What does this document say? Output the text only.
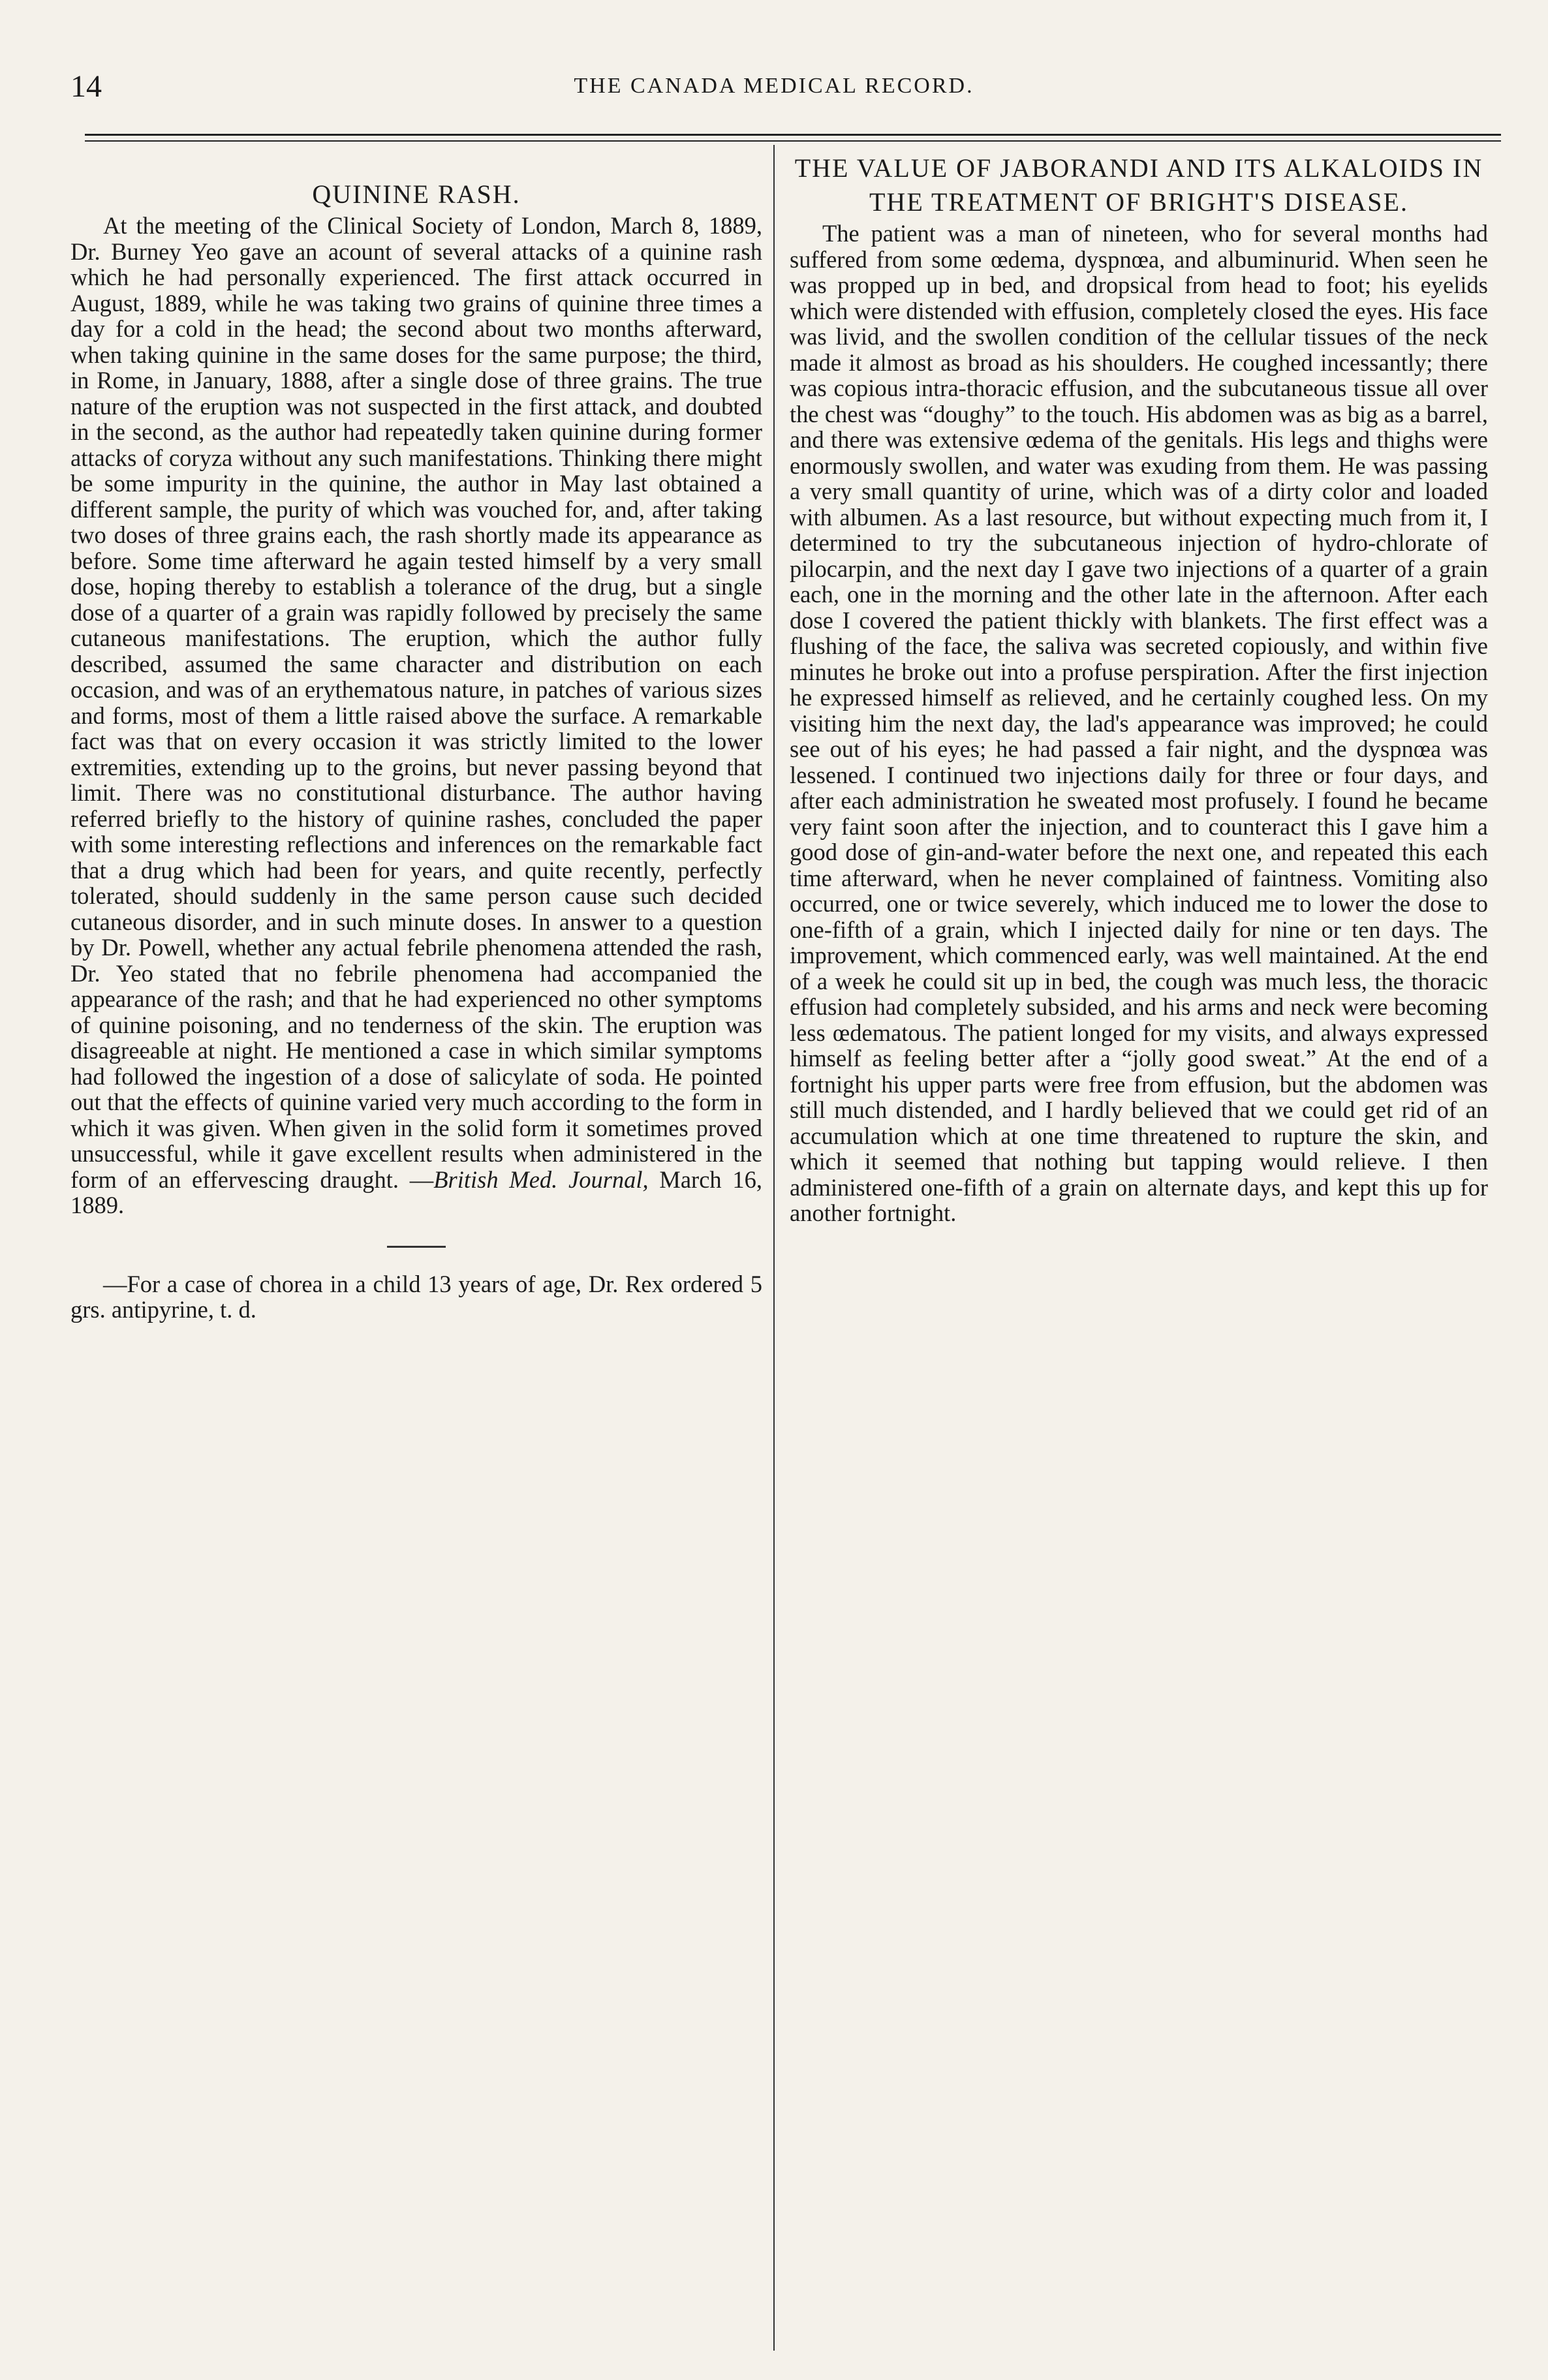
14	THE CANADA MEDICAL RECORD.
QUININE RASH.

At the meeting of the Clinical Society of London, March 8, 1889, Dr. Burney Yeo gave an acount of several attacks of a quinine rash which he had personally experienced. The first attack occurred in August, 1889, while he was taking two grains of quinine three times a day for a cold in the head; the second about two months afterward, when taking quinine in the same doses for the same purpose; the third, in Rome, in January, 1888, after a single dose of three grains. The true nature of the eruption was not suspected in the first attack, and doubted in the second, as the author had repeatedly taken quinine during former attacks of coryza without any such manifestations. Thinking there might be some impurity in the quinine, the author in May last obtained a different sample, the purity of which was vouched for, and, after taking two doses of three grains each, the rash shortly made its appearance as before. Some time afterward he again tested himself by a very small dose, hoping thereby to establish a tolerance of the drug, but a single dose of a quarter of a grain was rapidly followed by precisely the same cutaneous manifestations. The eruption, which the author fully described, assumed the same character and distribution on each occasion, and was of an erythematous nature, in patches of various sizes and forms, most of them a little raised above the surface. A remarkable fact was that on every occasion it was strictly limited to the lower extremities, extending up to the groins, but never passing beyond that limit. There was no constitutional disturbance. The author having referred briefly to the history of quinine rashes, concluded the paper with some interesting reflections and inferences on the remarkable fact that a drug which had been for years, and quite recently, perfectly tolerated, should suddenly in the same person cause such decided cutaneous disorder, and in such minute doses. In answer to a question by Dr. Powell, whether any actual febrile phenomena attended the rash, Dr. Yeo stated that no febrile phenomena had accompanied the appearance of the rash; and that he had experienced no other symptoms of quinine poisoning, and no tenderness of the skin. The eruption was disagreeable at night. He mentioned a case in which similar symptoms had followed the ingestion of a dose of salicylate of soda. He pointed out that the effects of quinine varied very much according to the form in which it was given. When given in the solid form it sometimes proved unsuccessful, while it gave excellent results when administered in the form of an effervescing draught. —British Med. Journal, March 16, 1889.

—For a case of chorea in a child 13 years of age, Dr. Rex ordered 5 grs. antipyrine, t. d.

THE VALUE OF JABORANDI AND ITS ALKALOIDS IN THE TREATMENT OF BRIGHT'S DISEASE.

The patient was a man of nineteen, who for several months had suffered from some œdema, dyspnœa, and albuminurid. When seen he was propped up in bed, and dropsical from head to foot; his eyelids which were distended with effusion, completely closed the eyes. His face was livid, and the swollen condition of the cellular tissues of the neck made it almost as broad as his shoulders. He coughed incessantly; there was copious intra-thoracic effusion, and the subcutaneous tissue all over the chest was “doughy” to the touch. His abdomen was as big as a barrel, and there was extensive œdema of the genitals. His legs and thighs were enormously swollen, and water was exuding from them. He was passing a very small quantity of urine, which was of a dirty color and loaded with albumen. As a last resource, but without expecting much from it, I determined to try the subcutaneous injection of hydro-chlorate of pilocarpin, and the next day I gave two injections of a quarter of a grain each, one in the morning and the other late in the afternoon. After each dose I covered the patient thickly with blankets. The first effect was a flushing of the face, the saliva was secreted copiously, and within five minutes he broke out into a profuse perspiration. After the first injection he expressed himself as relieved, and he certainly coughed less. On my visiting him the next day, the lad's appearance was improved; he could see out of his eyes; he had passed a fair night, and the dyspnœa was lessened. I continued two injections daily for three or four days, and after each administration he sweated most profusely. I found he became very faint soon after the injection, and to counteract this I gave him a good dose of gin-and-water before the next one, and repeated this each time afterward, when he never complained of faintness. Vomiting also occurred, one or twice severely, which induced me to lower the dose to one-fifth of a grain, which I injected daily for nine or ten days. The improvement, which commenced early, was well maintained. At the end of a week he could sit up in bed, the cough was much less, the thoracic effusion had completely subsided, and his arms and neck were becoming less œdematous. The patient longed for my visits, and always expressed himself as feeling better after a “jolly good sweat.” At the end of a fortnight his upper parts were free from effusion, but the abdomen was still much distended, and I hardly believed that we could get rid of an accumulation which at one time threatened to rupture the skin, and which it seemed that nothing but tapping would relieve. I then administered one-fifth of a grain on alternate days, and kept this up for another fortnight.
